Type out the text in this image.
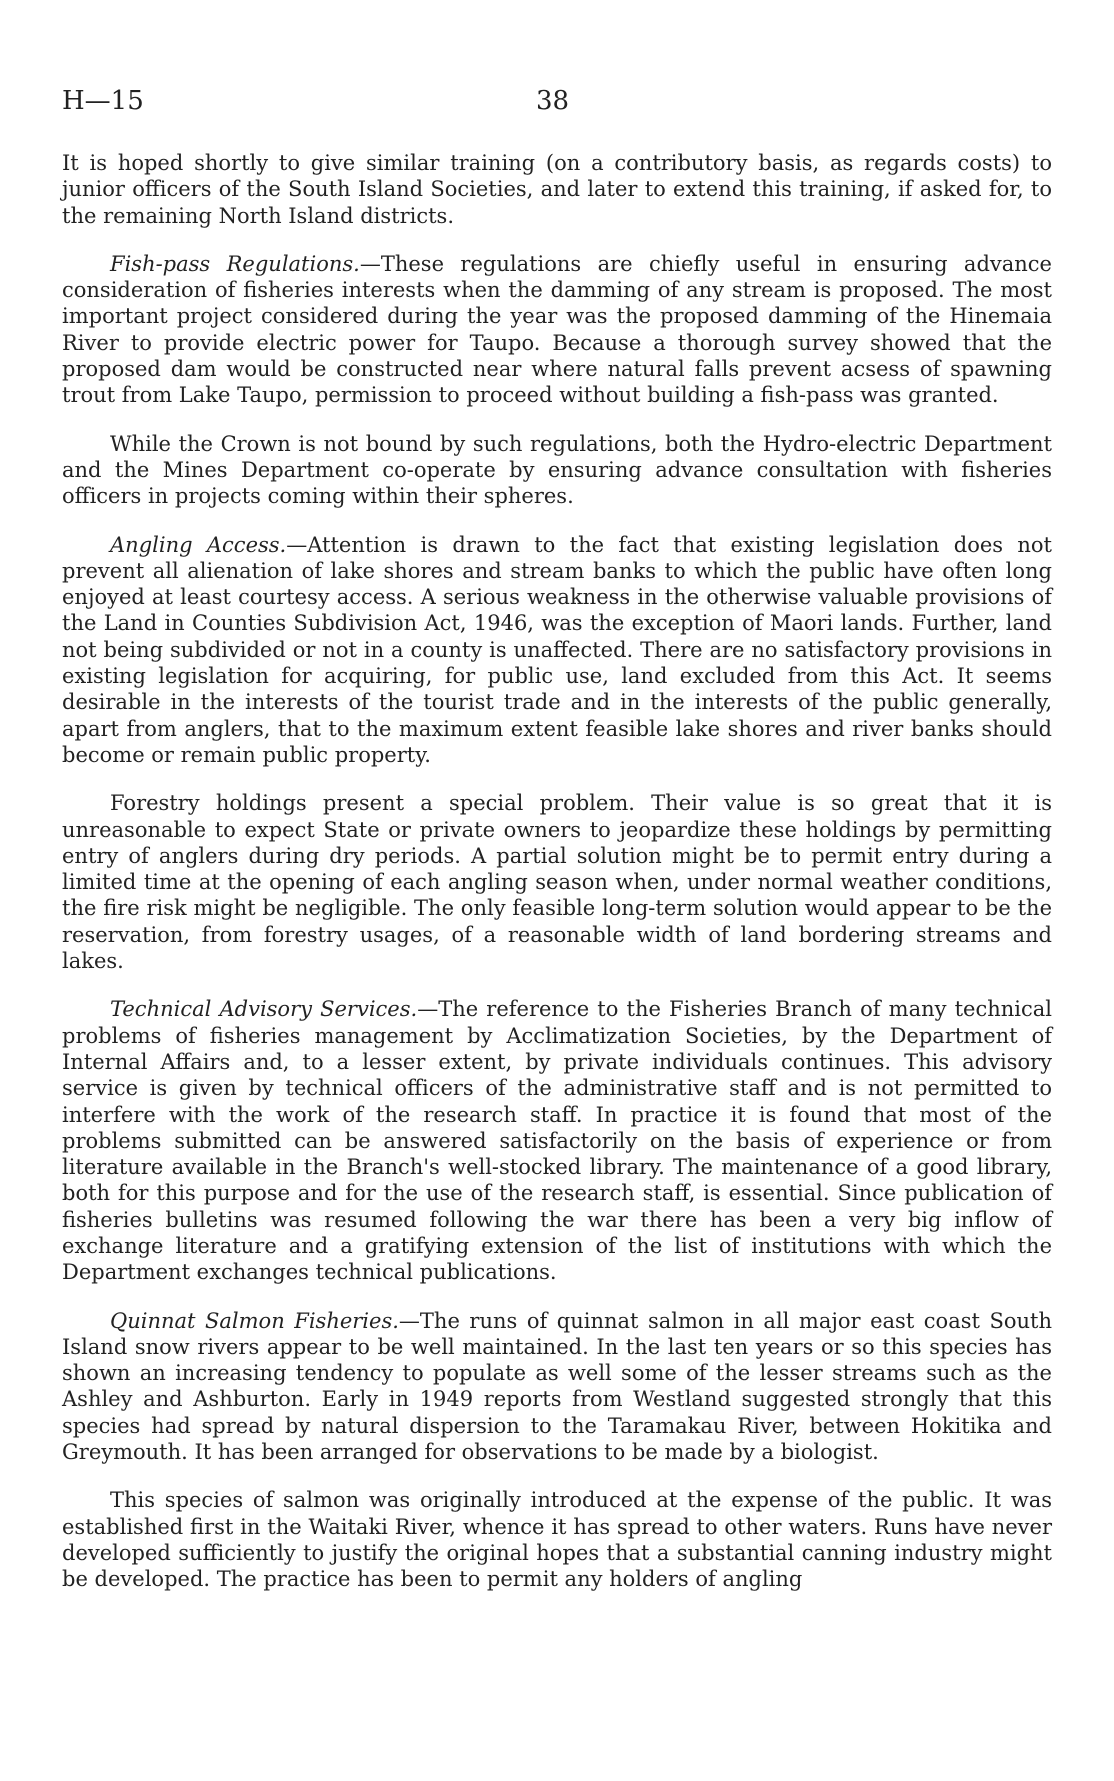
H—15	38

It is hoped shortly to give similar training (on a contributory basis, as regards costs) to junior officers of the South Island Societies, and later to extend this training, if asked for, to the remaining North Island districts.

Fish-pass Regulations.—These regulations are chiefly useful in ensuring advance consideration of fisheries interests when the damming of any stream is proposed. The most important project considered during the year was the proposed damming of the Hinemaia River to provide electric power for Taupo. Because a thorough survey showed that the proposed dam would be constructed near where natural falls prevent acsess of spawning trout from Lake Taupo, permission to proceed without building a fish-pass was granted.

While the Crown is not bound by such regulations, both the Hydro-electric Department and the Mines Department co-operate by ensuring advance consultation with fisheries officers in projects coming within their spheres.

Angling Access.—Attention is drawn to the fact that existing legislation does not prevent all alienation of lake shores and stream banks to which the public have often long enjoyed at least courtesy access. A serious weakness in the otherwise valuable provisions of the Land in Counties Subdivision Act, 1946, was the exception of Maori lands. Further, land not being subdivided or not in a county is unaffected. There are no satisfactory provisions in existing legislation for acquiring, for public use, land excluded from this Act. It seems desirable in the interests of the tourist trade and in the interests of the public generally, apart from anglers, that to the maximum extent feasible lake shores and river banks should become or remain public property.

Forestry holdings present a special problem. Their value is so great that it is unreasonable to expect State or private owners to jeopardize these holdings by permitting entry of anglers during dry periods. A partial solution might be to permit entry during a limited time at the opening of each angling season when, under normal weather conditions, the fire risk might be negligible. The only feasible long-term solution would appear to be the reservation, from forestry usages, of a reasonable width of land bordering streams and lakes.

Technical Advisory Services.—The reference to the Fisheries Branch of many technical problems of fisheries management by Acclimatization Societies, by the Department of Internal Affairs and, to a lesser extent, by private individuals continues. This advisory service is given by technical officers of the administrative staff and is not permitted to interfere with the work of the research staff. In practice it is found that most of the problems submitted can be answered satisfactorily on the basis of experience or from literature available in the Branch's well-stocked library. The maintenance of a good library, both for this purpose and for the use of the research staff, is essential. Since publication of fisheries bulletins was resumed following the war there has been a very big inflow of exchange literature and a gratifying extension of the list of institutions with which the Department exchanges technical publications.

Quinnat Salmon Fisheries.—The runs of quinnat salmon in all major east coast South Island snow rivers appear to be well maintained. In the last ten years or so this species has shown an increasing tendency to populate as well some of the lesser streams such as the Ashley and Ashburton. Early in 1949 reports from Westland suggested strongly that this species had spread by natural dispersion to the Taramakau River, between Hokitika and Greymouth. It has been arranged for observations to be made by a biologist.

This species of salmon was originally introduced at the expense of the public. It was established first in the Waitaki River, whence it has spread to other waters. Runs have never developed sufficiently to justify the original hopes that a substantial canning industry might be developed. The practice has been to permit any holders of angling
